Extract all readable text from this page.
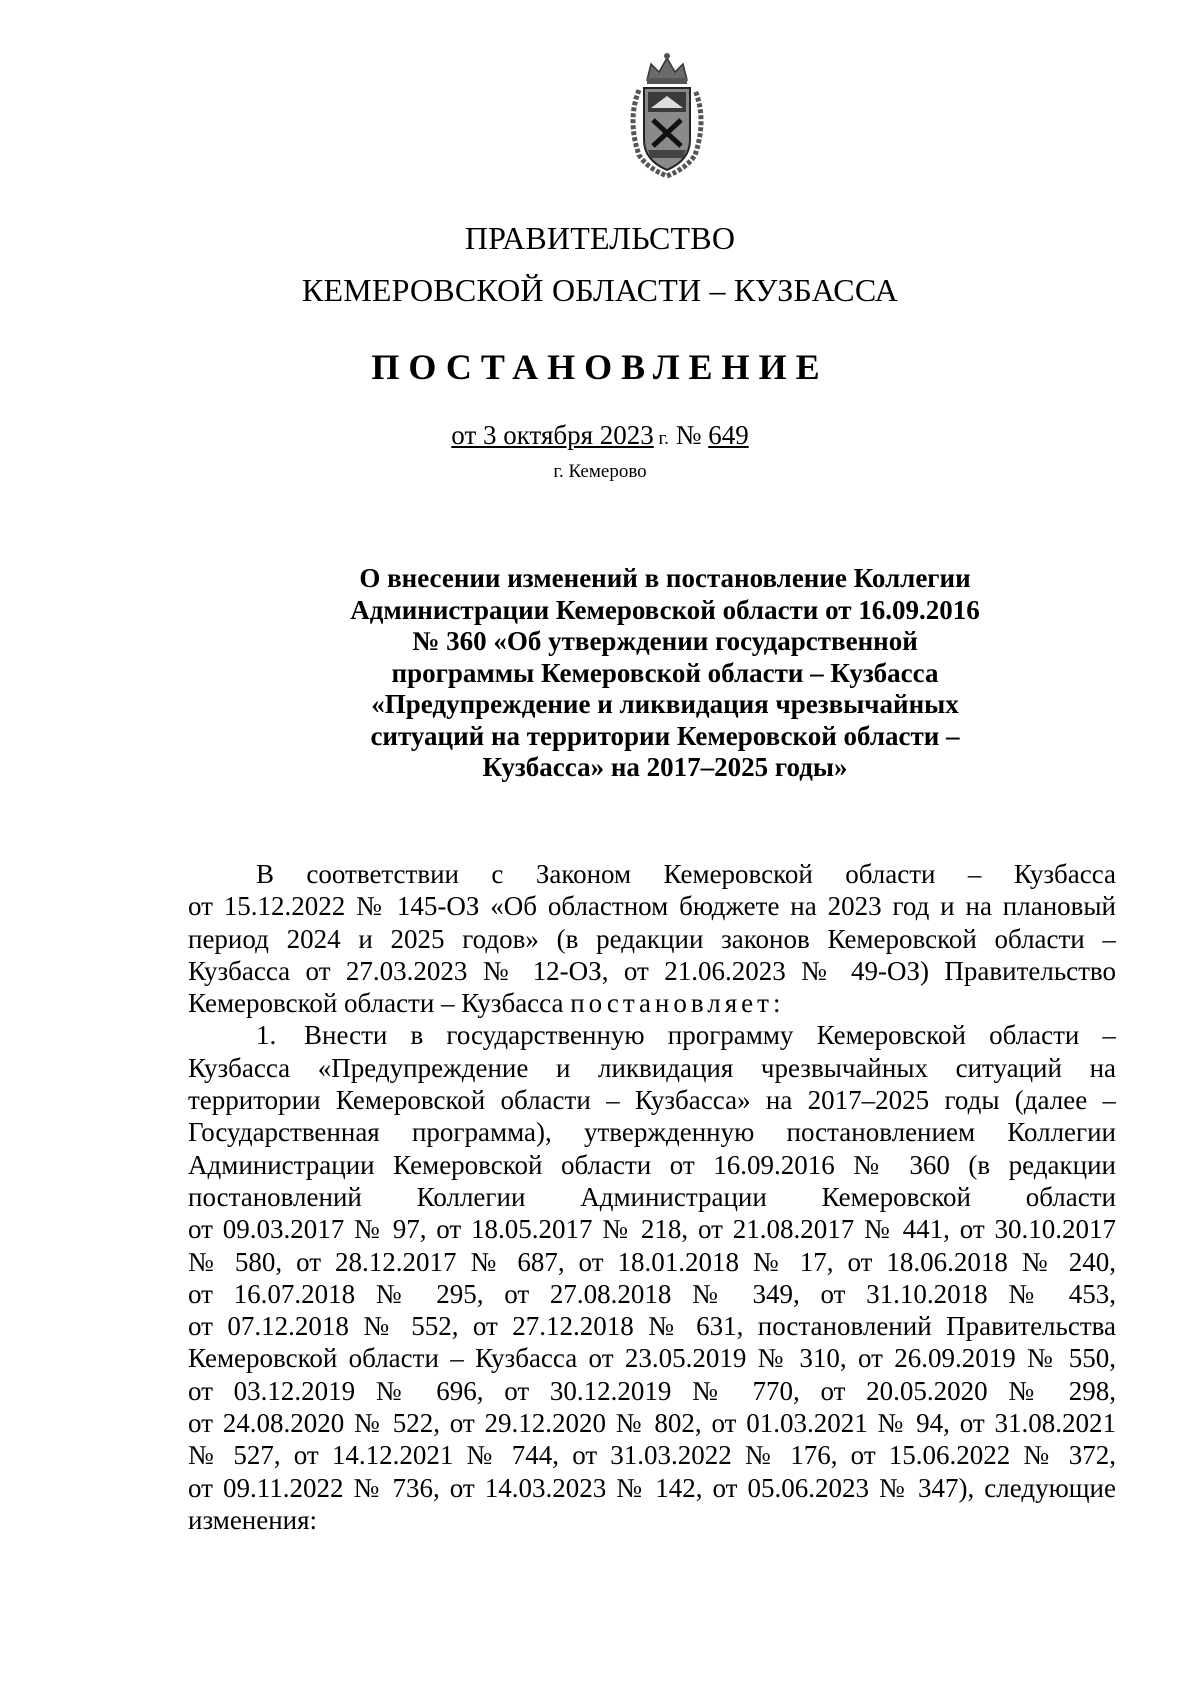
ПРАВИТЕЛЬСТВО
КЕМЕРОВСКОЙ ОБЛАСТИ – КУЗБАССА
ПОСТАНОВЛЕНИЕ
от 3 октября 2023 г. № 649
г. Кемерово
О внесении изменений в постановление Коллегии
Администрации Кемеровской области от 16.09.2016
№ 360 «Об утверждении государственной
программы Кемеровской области – Кузбасса
«Предупреждение и ликвидация чрезвычайных
ситуаций на территории Кемеровской области –
Кузбасса» на 2017–2025 годы»
В соответствии с Законом Кемеровской области – Кузбасса
от 15.12.2022 № 145-ОЗ «Об областном бюджете на 2023 год и на плановый
период 2024 и 2025 годов» (в редакции законов Кемеровской области –
Кузбасса от 27.03.2023 № 12-ОЗ, от 21.06.2023 № 49-ОЗ) Правительство
Кемеровской области – Кузбасса постановляет:
1. Внести в государственную программу Кемеровской области –
Кузбасса «Предупреждение и ликвидация чрезвычайных ситуаций на
территории Кемеровской области – Кузбасса» на 2017–2025 годы (далее –
Государственная программа), утвержденную постановлением Коллегии
Администрации Кемеровской области от 16.09.2016 № 360 (в редакции
постановлений Коллегии Администрации Кемеровской области
от 09.03.2017 № 97, от 18.05.2017 № 218, от 21.08.2017 № 441, от 30.10.2017
№ 580, от 28.12.2017 № 687, от 18.01.2018 № 17, от 18.06.2018 № 240,
от 16.07.2018 № 295, от 27.08.2018 № 349, от 31.10.2018 № 453,
от 07.12.2018 № 552, от 27.12.2018 № 631, постановлений Правительства
Кемеровской области – Кузбасса от 23.05.2019 № 310, от 26.09.2019 № 550,
от 03.12.2019 № 696, от 30.12.2019 № 770, от 20.05.2020 № 298,
от 24.08.2020 № 522, от 29.12.2020 № 802, от 01.03.2021 № 94, от 31.08.2021
№ 527, от 14.12.2021 № 744, от 31.03.2022 № 176, от 15.06.2022 № 372,
от 09.11.2022 № 736, от 14.03.2023 № 142, от 05.06.2023 № 347), следующие
изменения:
